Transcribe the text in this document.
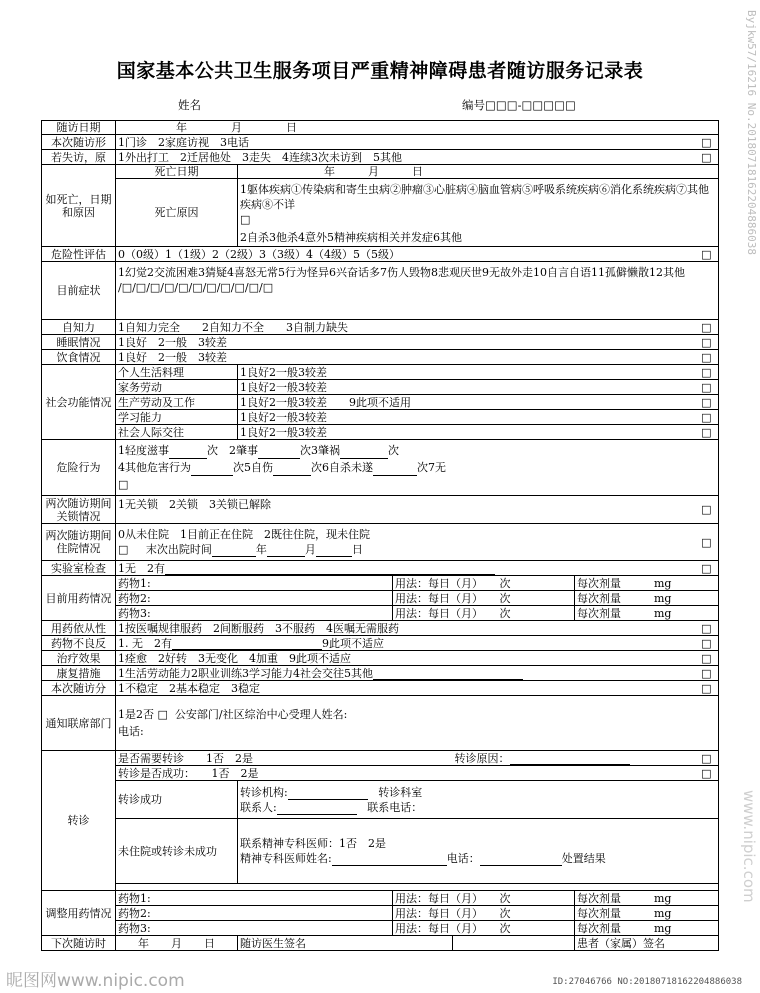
国家基本公共卫生服务项目严重精神障碍患者随访服务记录表
姓名	编号□□□-□□□□□
随访日期	年　　　　月　　　　日						
本次随访形	1门诊　2家庭访视　3电话					□	
若失访，原	1外出打工　2迁居他处　3走失　4连续3次未访到　5其他					□	
如死亡，日期和原因	死亡日期	年　　　月　　　日					
	死亡原因	1躯体疾病①传染病和寄生虫病②肿瘤③心脏病④脑血管病⑤呼吸系统疾病⑥消化系统疾病⑦其他疾病⑧不详
□
2自杀3他杀4意外5精神疾病相关并发症6其他

危险性评估	0（0级）1（1级）2（2级）3（3级）4（4级）5（5级）					□	
目前症状	1幻觉2交流困难3猜疑4喜怒无常5行为怪异6兴奋话多7伤人毁物8悲观厌世9无故外走10自言自语11孤僻懒散12其他
/□/□/□/□/□/□/□/□/□/□/□						

自知力	1自知力完全　　2自知力不全　　3自制力缺失					□	
睡眠情况	1良好　2一般　3较差					□	
饮食情况	1良好　2一般　3较差					□	
社会功能情况	个人生活料理	1良好2一般3较差				□	
	家务劳动	1良好2一般3较差				□	
	生产劳动及工作	1良好2一般3较差　　9此项不适用				□	
	学习能力	1良好2一般3较差				□	
	社会人际交往	1良好2一般3较差				□	
危险行为	1轻度滋事 次　2肇事 次3肇祸 次
4其他危害行为 次5自伤 次6自杀未遂 次7无
□						

两次随访期间关锁情况	1无关锁　2关锁　3关锁已解除					□	
两次随访期间住院情况	0从未住院　1目前正在住院　2既往住院，现未住院
□ 末次出院时间 年 月 日					□	
实验室检查	1无　2有					□	
目前用药情况	药物1:		用法：每日（月）　　次		每次剂量　　　mg		
	药物2:		用法：每日（月）　　次		每次剂量　　　mg		
	药物3:		用法：每日（月）　　次		每次剂量　　　mg		
用药依从性	1按医嘱规律服药　2间断服药　3不服药　4医嘱无需服药					□	
药物不良反	1. 无　2有 9此项不适应					□	
治疗效果	1痊愈　2好转　3无变化　4加重　9此项不适应					□	
康复措施	1生活劳动能力2职业训练3学习能力4社会交往5其他					□	
本次随访分	1不稳定　2基本稳定　3稳定					□	
通知联席部门	1是2否 □ 公安部门/社区综治中心受理人姓名:
电话:						

转诊	是否需要转诊　　1否　2是			转诊原因：		□	
	转诊是否成功：　　1否　2是					□	
	转诊成功	转诊机构: 转诊科室
联系人: 联系电话：					

	未住院或转诊未成功	联系精神专科医师：1否　2是
精神专科医师姓名: 电话： 处置结果					

调整用药情况	药物1:		用法：每日（月）　　次		每次剂量　　　mg		
	药物2:		用法：每日（月）　　次		每次剂量　　　mg		
	药物3:		用法：每日（月）　　次		每次剂量　　　mg		
下次随访时	年　　月　　日	随访医生签名			患者（家属）签名		
Byjkw57/16216 No.20180718162204886038
www.nipic.com
昵图网www.nipic.com	ID:27046766 NO:20180718162204886038
